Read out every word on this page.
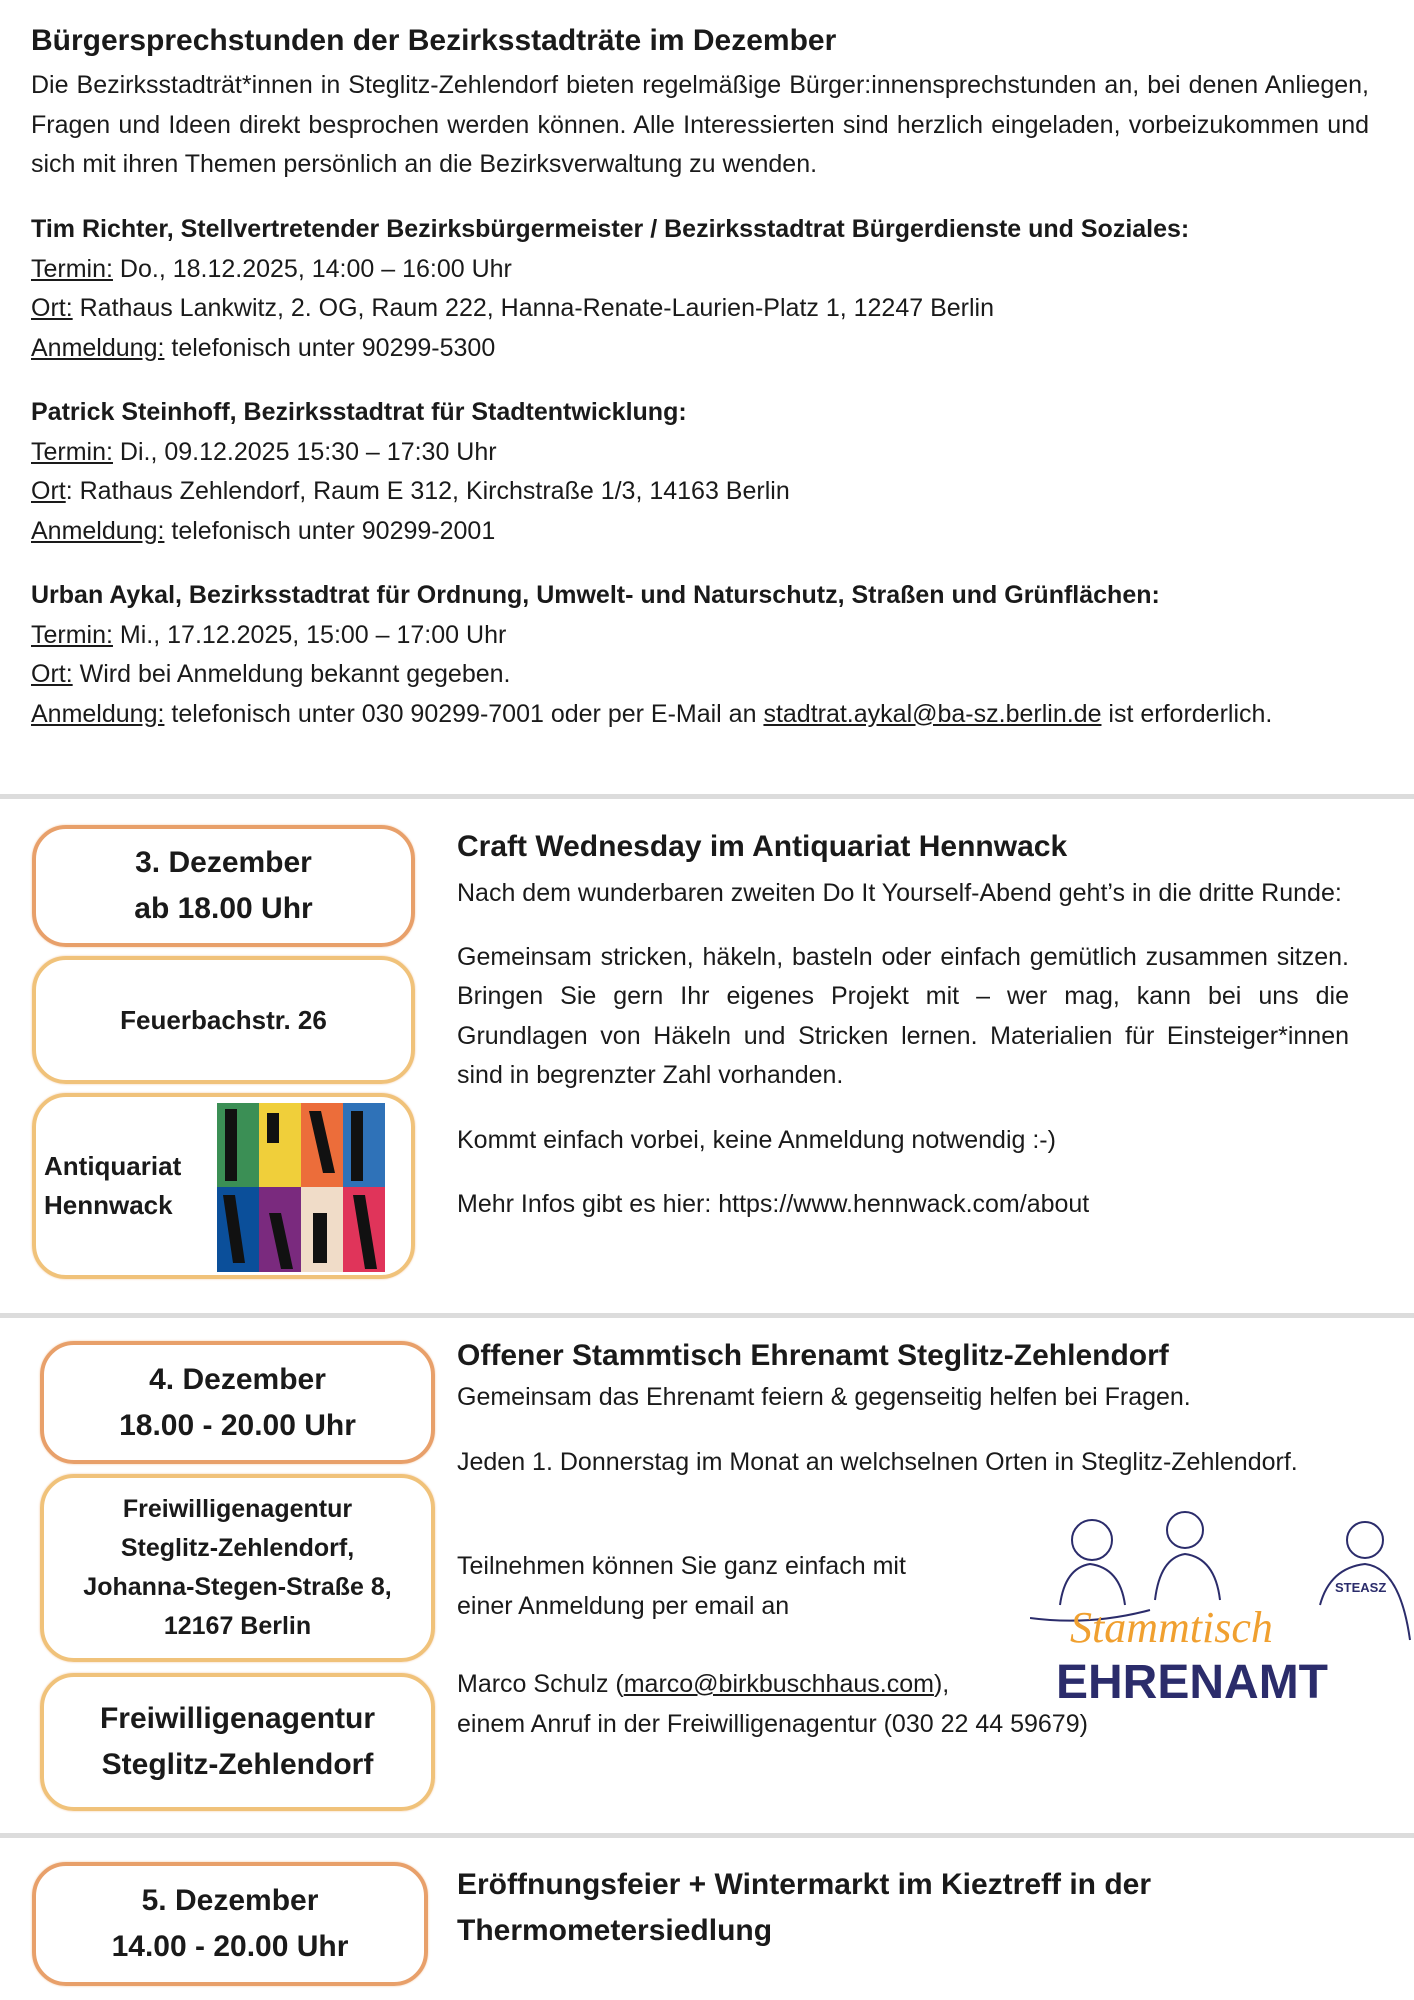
Bürgersprechstunden der Bezirksstadträte im Dezember
Die Bezirksstadträt*innen in Steglitz-Zehlendorf bieten regelmäßige Bürger:innensprechstunden an, bei denen Anliegen, Fragen und Ideen direkt besprochen werden können. Alle Interessierten sind herzlich eingeladen, vorbeizukommen und sich mit ihren Themen persönlich an die Bezirksverwaltung zu wenden.
Tim Richter, Stellvertretender Bezirksbürgermeister / Bezirksstadtrat Bürgerdienste und Soziales:
Termin: Do., 18.12.2025, 14:00 – 16:00 Uhr
Ort: Rathaus Lankwitz, 2. OG, Raum 222, Hanna-Renate-Laurien-Platz 1, 12247 Berlin
Anmeldung: telefonisch unter 90299-5300
Patrick Steinhoff, Bezirksstadtrat für Stadtentwicklung:
Termin: Di., 09.12.2025 15:30 – 17:30 Uhr
Ort: Rathaus Zehlendorf, Raum E 312, Kirchstraße 1/3, 14163 Berlin
Anmeldung: telefonisch unter 90299-2001
Urban Aykal, Bezirksstadtrat für Ordnung, Umwelt- und Naturschutz, Straßen und Grünflächen:
Termin: Mi., 17.12.2025, 15:00 – 17:00 Uhr
Ort: Wird bei Anmeldung bekannt gegeben.
Anmeldung: telefonisch unter 030 90299-7001 oder per E-Mail an stadtrat.aykal@ba-sz.berlin.de ist erforderlich.
3. Dezember
ab 18.00 Uhr
Feuerbachstr. 26
Antiquariat
Hennwack
Craft Wednesday im Antiquariat Hennwack
Nach dem wunderbaren zweiten Do It Yourself-Abend geht’s in die dritte Runde:
Gemeinsam stricken, häkeln, basteln oder einfach gemütlich zusammen sitzen. Bringen Sie gern Ihr eigenes Projekt mit – wer mag, kann bei uns die Grundlagen von Häkeln und Stricken lernen. Materialien für Einsteiger*innen sind in begrenzter Zahl vorhanden.
Kommt einfach vorbei, keine Anmeldung notwendig :-)
Mehr Infos gibt es hier: https://www.hennwack.com/about
4. Dezember
18.00 - 20.00 Uhr
Freiwilligenagentur
Steglitz-Zehlendorf,
Johanna-Stegen-Straße 8,
12167 Berlin
Freiwilligenagentur
Steglitz-Zehlendorf
Offener Stammtisch Ehrenamt Steglitz-Zehlendorf
Gemeinsam das Ehrenamt feiern & gegenseitig helfen bei Fragen.
Jeden 1. Donnerstag im Monat an welchselnen Orten in Steglitz-Zehlendorf.
Teilnehmen können Sie ganz einfach mit
einer Anmeldung per email an
Marco Schulz (marco@birkbuschhaus.com),
einem Anruf in der Freiwilligenagentur (030 22 44 59679)
Stammtisch
EHRENAMT
STEASZ
5. Dezember
14.00 - 20.00 Uhr
Eröffnungsfeier + Wintermarkt im Kieztreff in der
Thermometersiedlung
